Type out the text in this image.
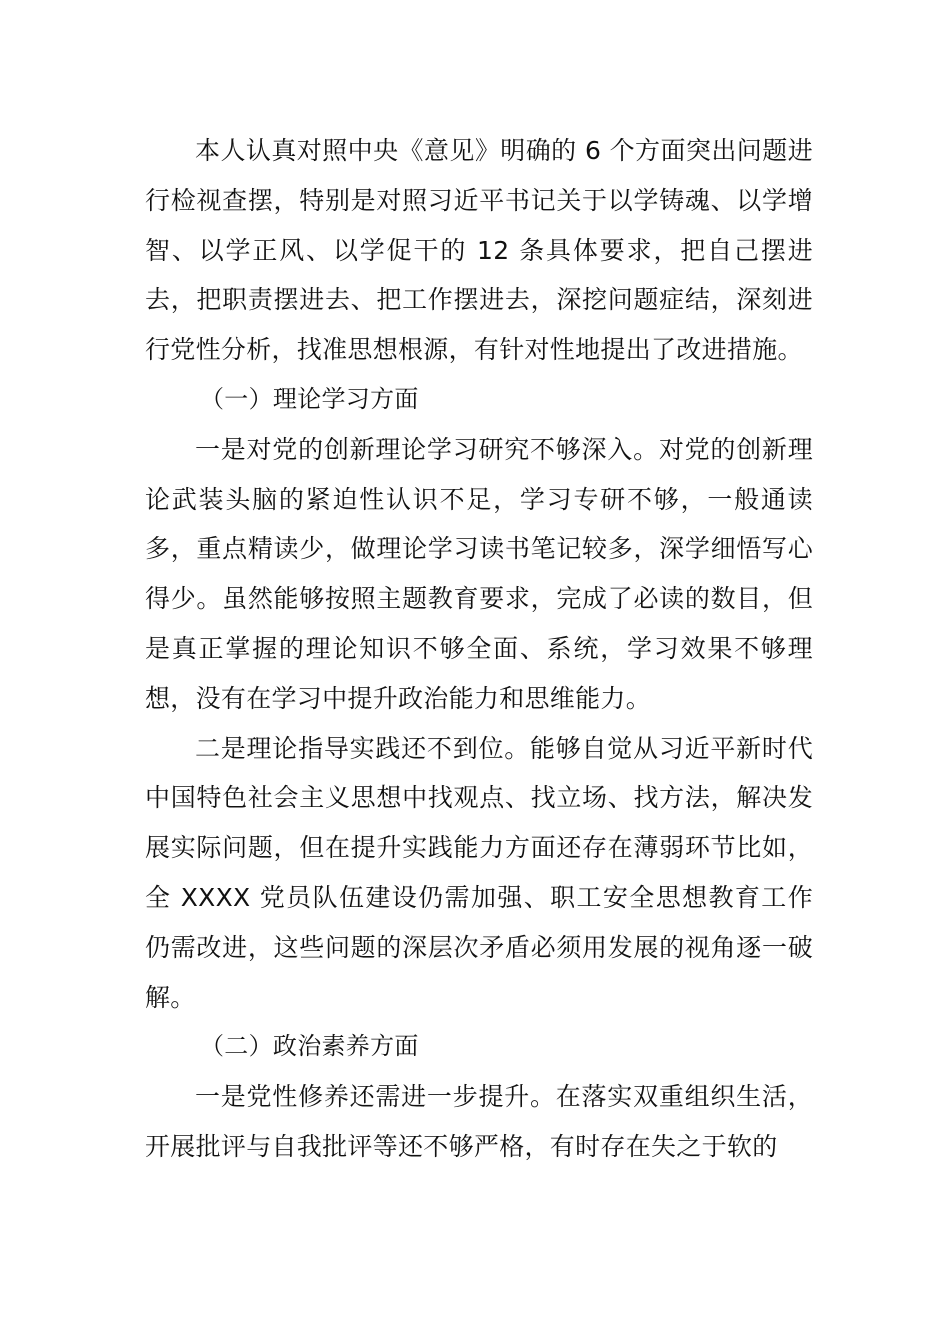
本人认真对照中央《意见》明确的 6 个方面突出问题进行检视查摆，特别是对照习近平书记关于以学铸魂、以学增智、以学正风、以学促干的 12 条具体要求，把自己摆进去，把职责摆进去、把工作摆进去，深挖问题症结，深刻进行党性分析，找准思想根源，有针对性地提出了改进措施。

（一）理论学习方面

一是对党的创新理论学习研究不够深入。对党的创新理论武装头脑的紧迫性认识不足，学习专研不够，一般通读多，重点精读少，做理论学习读书笔记较多，深学细悟写心得少。虽然能够按照主题教育要求，完成了必读的数目，但是真正掌握的理论知识不够全面、系统，学习效果不够理想，没有在学习中提升政治能力和思维能力。

二是理论指导实践还不到位。能够自觉从习近平新时代中国特色社会主义思想中找观点、找立场、找方法，解决发展实际问题，但在提升实践能力方面还存在薄弱环节比如，全 XXXX 党员队伍建设仍需加强、职工安全思想教育工作仍需改进，这些问题的深层次矛盾必须用发展的视角逐一破解。

（二）政治素养方面

一是党性修养还需进一步提升。在落实双重组织生活，开展批评与自我批评等还不够严格，有时存在失之于软的
